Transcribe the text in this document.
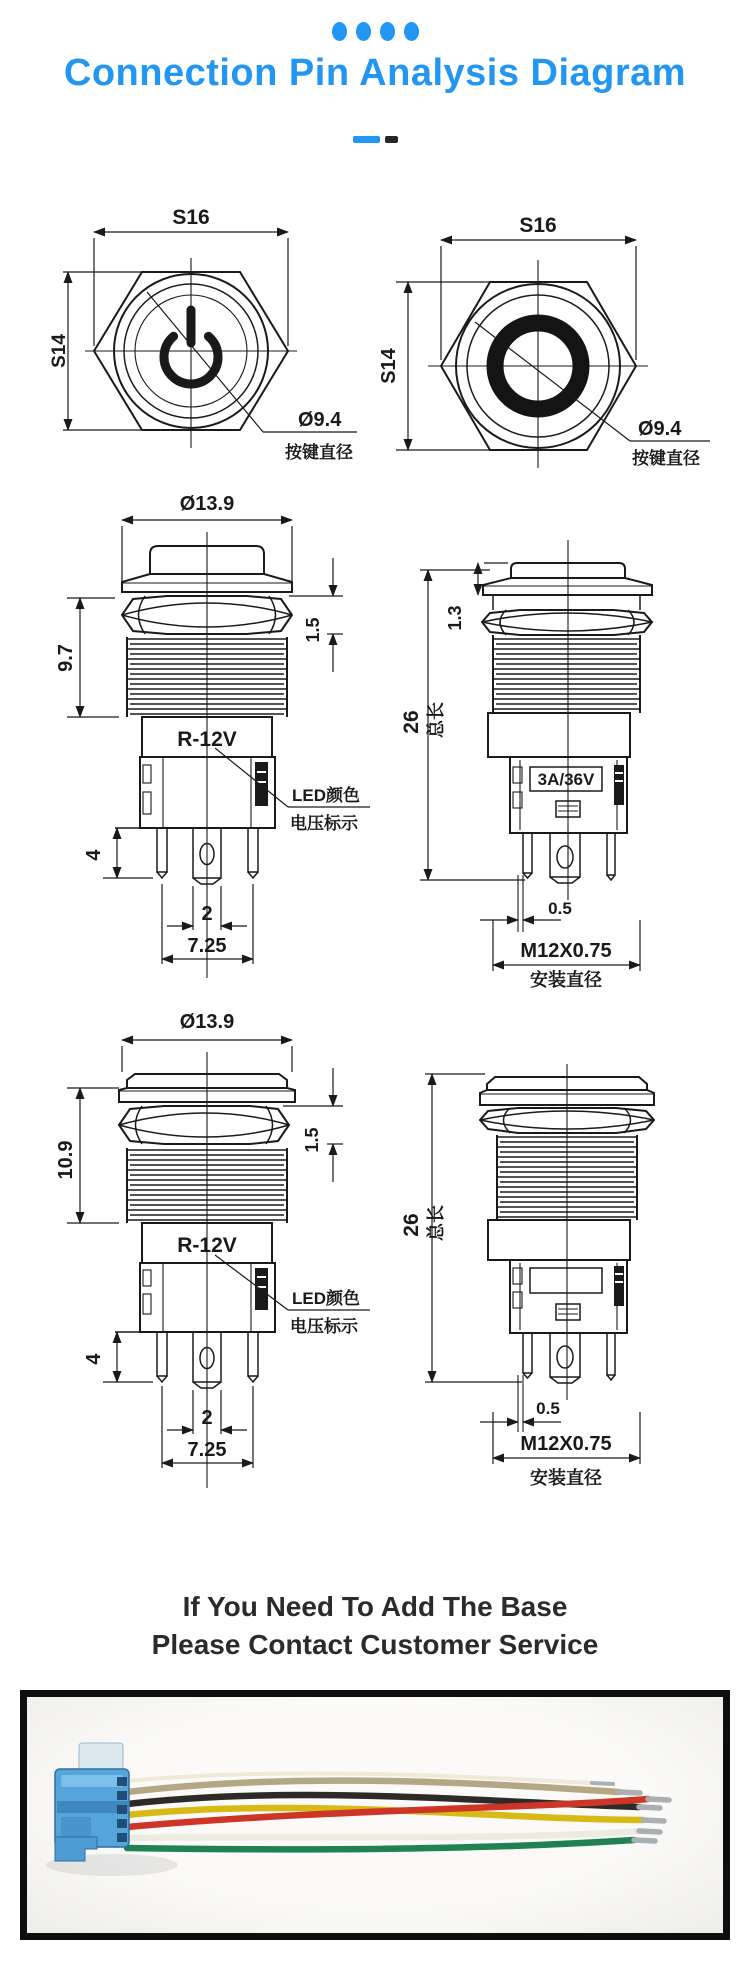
Connection Pin Analysis Diagram
S16
S14
Ø9.4
按键直径
S16
S14
Ø9.4
按键直径
Ø13.9
9.7
1.5
R-12V
4
2
7.25
LED颜色
电压标示
3A/36V
26 总长
1.3
0.5
M12X0.75
安装直径
Ø13.9
10.9
1.5
R-12V
4
2
7.25
LED颜色
电压标示
26 总长
0.5
M12X0.75
安装直径
If You Need To Add The Base
Please Contact Customer Service
